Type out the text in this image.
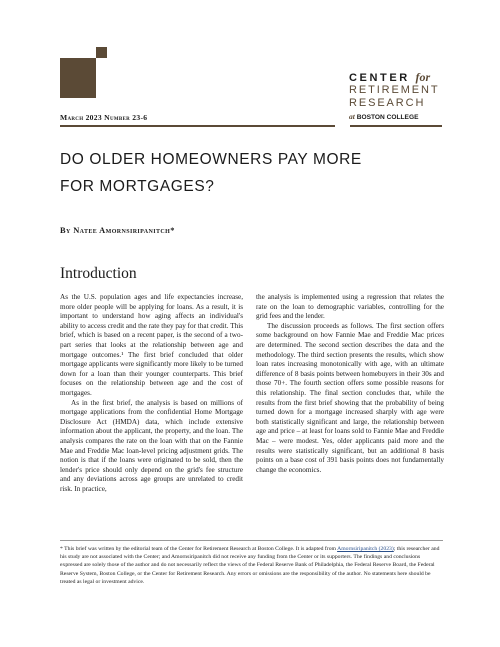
CENTER for
RETIREMENT
RESEARCH
at BOSTON COLLEGE
March 2023 Number 23-6
DO OLDER HOMEOWNERS PAY MORE FOR MORTGAGES?
By Natee Amornsiripanitch*
Introduction

As the U.S. population ages and life expectancies increase, more older people will be applying for loans. As a result, it is important to understand how aging affects an individual's ability to access credit and the rate they pay for that credit. This brief, which is based on a recent paper, is the second of a two-part series that looks at the relationship between age and mortgage outcomes.¹ The first brief concluded that older mortgage applicants were significantly more likely to be turned down for a loan than their younger counterparts. This brief focuses on the relationship between age and the cost of mortgages.

As in the first brief, the analysis is based on millions of mortgage applications from the confidential Home Mortgage Disclosure Act (HMDA) data, which include extensive information about the applicant, the property, and the loan. The analysis compares the rate on the loan with that on the Fannie Mae and Freddie Mac loan-level pricing adjustment grids. The notion is that if the loans were originated to be sold, then the lender's price should only depend on the grid's fee structure and any deviations across age groups are unrelated to credit risk. In practice,

the analysis is implemented using a regression that relates the rate on the loan to demographic variables, controlling for the grid fees and the lender.

The discussion proceeds as follows. The first section offers some background on how Fannie Mae and Freddie Mac prices are determined. The second section describes the data and the methodology. The third section presents the results, which show loan rates increasing monotonically with age, with an ultimate difference of 8 basis points between homebuyers in their 30s and those 70+. The fourth section offers some possible reasons for this relationship. The final section concludes that, while the results from the first brief showing that the probability of being turned down for a mortgage increased sharply with age were both statistically significant and large, the relationship between age and price – at least for loans sold to Fannie Mae and Freddie Mac – were modest. Yes, older applicants paid more and the results were statistically significant, but an additional 8 basis points on a base cost of 391 basis points does not fundamentally change the economics.

* This brief was written by the editorial team of the Center for Retirement Research at Boston College. It is adapted from Amornsiripanitch (2023); this researcher and his study are not associated with the Center; and Amornsiripanitch did not receive any funding from the Center or its supporters. The findings and conclusions expressed are solely those of the author and do not necessarily reflect the views of the Federal Reserve Bank of Philadelphia, the Federal Reserve Board, the Federal Reserve System, Boston College, or the Center for Retirement Research. Any errors or omissions are the responsibility of the author. No statements here should be treated as legal or investment advice.
